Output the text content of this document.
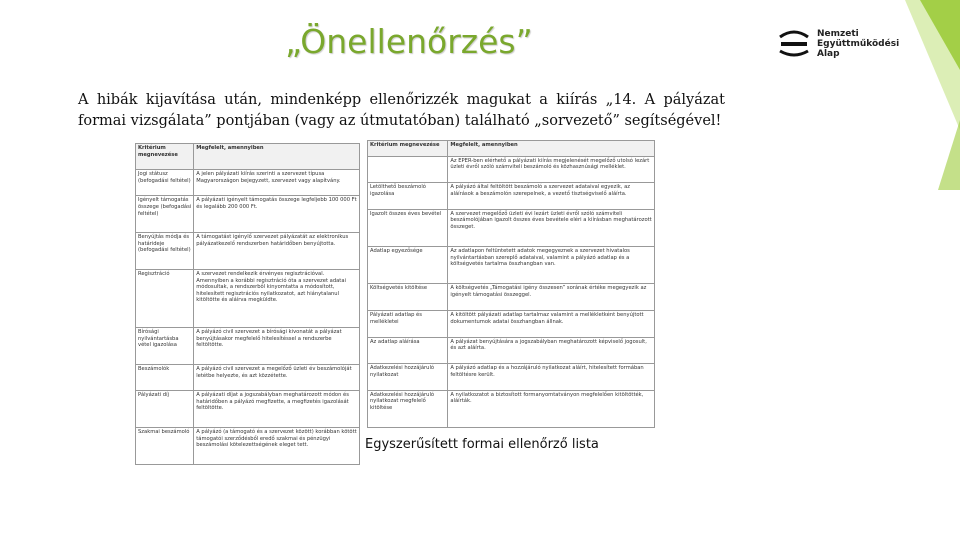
„Önellenőrzés”	Nemzeti
Együttműködési
Alap
A hibák kijavítása után, mindenképp ellenőrizzék magukat a kiírás „14. A pályázat formai vizsgálata” pontjában (vagy az útmutatóban) található „sorvezető” segítségével!
Kritérium megnevezése	Megfelelt, amennyiben
Jogi státusz (befogadási feltétel)	A jelen pályázati kiírás szerinti a szervezet típusa Magyarországon bejegyzett, szervezet vagy alapítvány.
Igényelt támogatás összege (befogadási feltétel)	A pályázati igényelt támogatás összege legfeljebb 100 000 Ft és legalább 200 000 Ft.
Benyújtás módja és határideje (befogadási feltétel)	A támogatást igénylő szervezet pályázatát az elektronikus pályázatkezelő rendszerben határidőben benyújtotta.
Regisztráció	A szervezet rendelkezik érvényes regisztrációval. Amennyiben a korábbi regisztráció óta a szervezet adatai módosultak, a rendszerből kinyomtatta a módosított, hitelesített regisztrációs nyilatkozatot, azt hiánytalanul kitöltötte és aláírva megküldte.
Bírósági nyilvántartásba vétel igazolása	A pályázó civil szervezet a bírósági kivonatát a pályázat benyújtásakor megfelelő hitelesítéssel a rendszerbe feltöltötte.
Beszámolók	A pályázó civil szervezet a megelőző üzleti év beszámolóját letétbe helyezte, és azt közzétette.
Pályázati díj	A pályázati díjat a jogszabályban meghatározott módon és határidőben a pályázó megfizette, a megfizetés igazolását feltöltötte.
Szakmai beszámoló	A pályázó (a támogató és a szervezet között) korábban kötött támogatói szerződésből eredő szakmai és pénzügyi beszámolási kötelezettségének eleget tett.
Kritérium megnevezése	Megfelelt, amennyiben
	Az EPER-ben elérhető a pályázati kiírás megjelenését megelőző utolsó lezárt üzleti évről szóló számviteli beszámoló és közhasznúsági melléklet.
Letölthető beszámoló igazolása	A pályázó által feltöltött beszámoló a szervezet adataival egyezik, az aláírások a beszámolón szerepelnek, a vezető tisztségviselő aláírta.
Igazolt összes éves bevétel	A szervezet megelőző üzleti évi lezárt üzleti évről szóló számviteli beszámolójában igazolt összes éves bevétele eléri a kiírásban meghatározott összeget.
Adatlap egyezősége	Az adatlapon feltüntetett adatok megegyeznek a szervezet hivatalos nyilvántartásban szereplő adataival, valamint a pályázó adatlap és a költségvetés tartalma összhangban van.
Költségvetés kitöltése	A költségvetés „Támogatási igény összesen” sorának értéke megegyezik az igényelt támogatási összeggel.
Pályázati adatlap és mellékletei	A kitöltött pályázati adatlap tartalmaz valamint a mellékletként benyújtott dokumentumok adatai összhangban állnak.
Az adatlap aláírása	A pályázat benyújtására a jogszabályban meghatározott képviselő jogosult, és azt aláírta.
Adatkezelési hozzájáruló nyilatkozat	A pályázó adatlap és a hozzájáruló nyilatkozat aláírt, hitelesített formában feltöltésre került.
Adatkezelési hozzájáruló nyilatkozat megfelelő kitöltése	A nyilatkozatot a biztosított formanyomtatványon megfelelően kitöltötték, aláírták.
Egyszerűsített formai ellenőrző lista
